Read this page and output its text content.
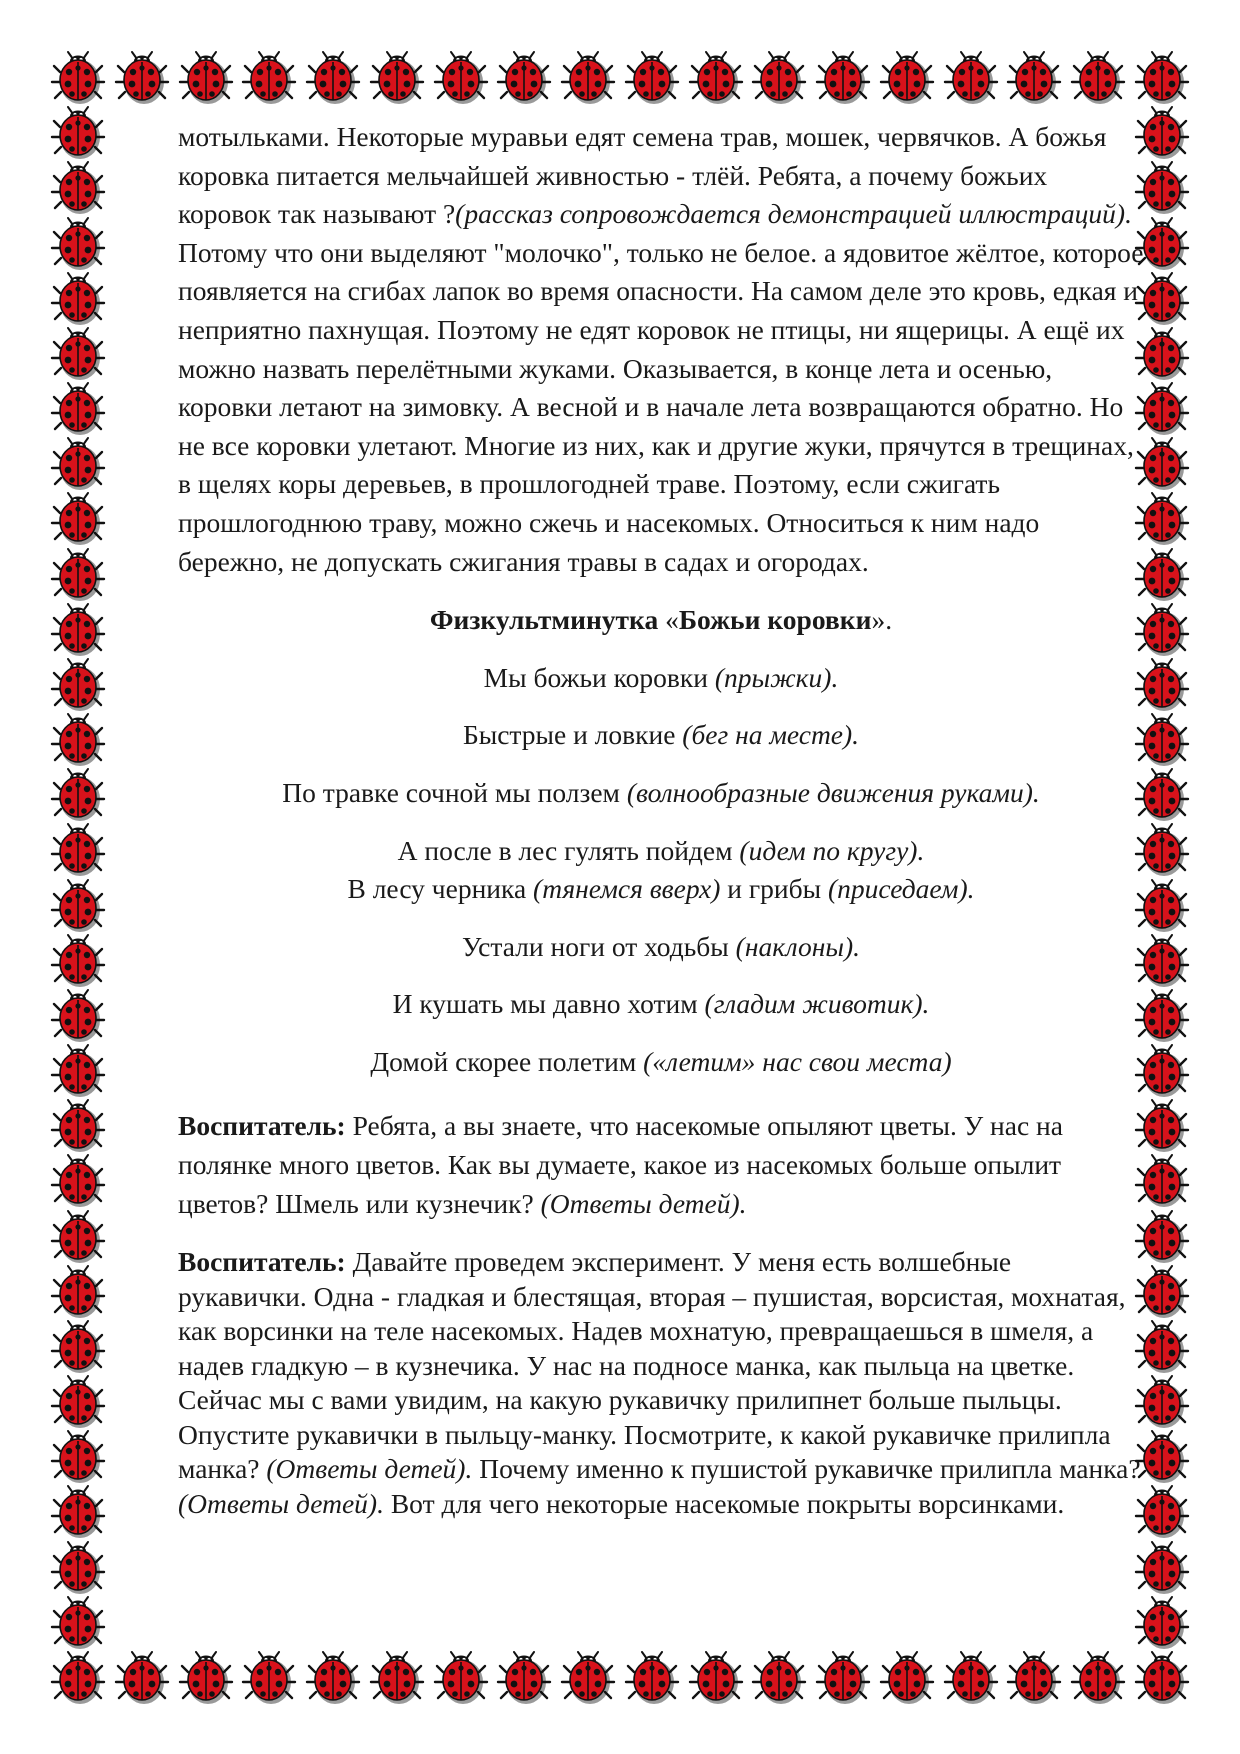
мотыльками. Некоторые муравьи едят семена трав, мошек, червячков. А божья коровка питается мельчайшей живностью - тлёй. Ребята, а почему божьих коровок так называют ?(рассказ сопровождается демонстрацией иллюстраций). Потому что они выделяют "молочко", только не белое. а ядовитое жёлтое, которое появляется на сгибах лапок во время опасности. На самом деле это кровь, едкая и неприятно пахнущая. Поэтому не едят коровок не птицы, ни ящерицы. А ещё их можно назвать перелётными жуками. Оказывается, в конце лета и осенью, коровки летают на зимовку. А весной и в начале лета возвращаются обратно. Но не все коровки улетают. Многие из них, как и другие жуки, прячутся в трещинах, в щелях коры деревьев, в прошлогодней траве. Поэтому, если сжигать прошлогоднюю траву, можно сжечь и насекомых. Относиться к ним надо бережно, не допускать сжигания травы в садах и огородах.

Физкультминутка «Божьи коровки».

Мы божьи коровки (прыжки).

Быстрые и ловкие (бег на месте).

По травке сочной мы ползем (волнообразные движения руками).

А после в лес гулять пойдем (идем по кругу).

В лесу черника (тянемся вверх) и грибы (приседаем).

Устали ноги от ходьбы (наклоны).

И кушать мы давно хотим (гладим животик).

Домой скорее полетим («летим» нас свои места)

Воспитатель: Ребята, а вы знаете, что насекомые опыляют цветы. У нас на полянке много цветов. Как вы думаете, какое из насекомых больше опылит цветов? Шмель или кузнечик? (Ответы детей).

Воспитатель: Давайте проведем эксперимент. У меня есть волшебные рукавички. Одна - гладкая и блестящая, вторая – пушистая, ворсистая, мохнатая, как ворсинки на теле насекомых. Надев мохнатую, превращаешься в шмеля, а надев гладкую – в кузнечика. У нас на подносе манка, как пыльца на цветке. Сейчас мы с вами увидим, на какую рукавичку прилипнет больше пыльцы. Опустите рукавички в пыльцу-манку. Посмотрите, к какой рукавичке прилипла манка? (Ответы детей). Почему именно к пушистой рукавичке прилипла манка? (Ответы детей). Вот для чего некоторые насекомые покрыты ворсинками.
